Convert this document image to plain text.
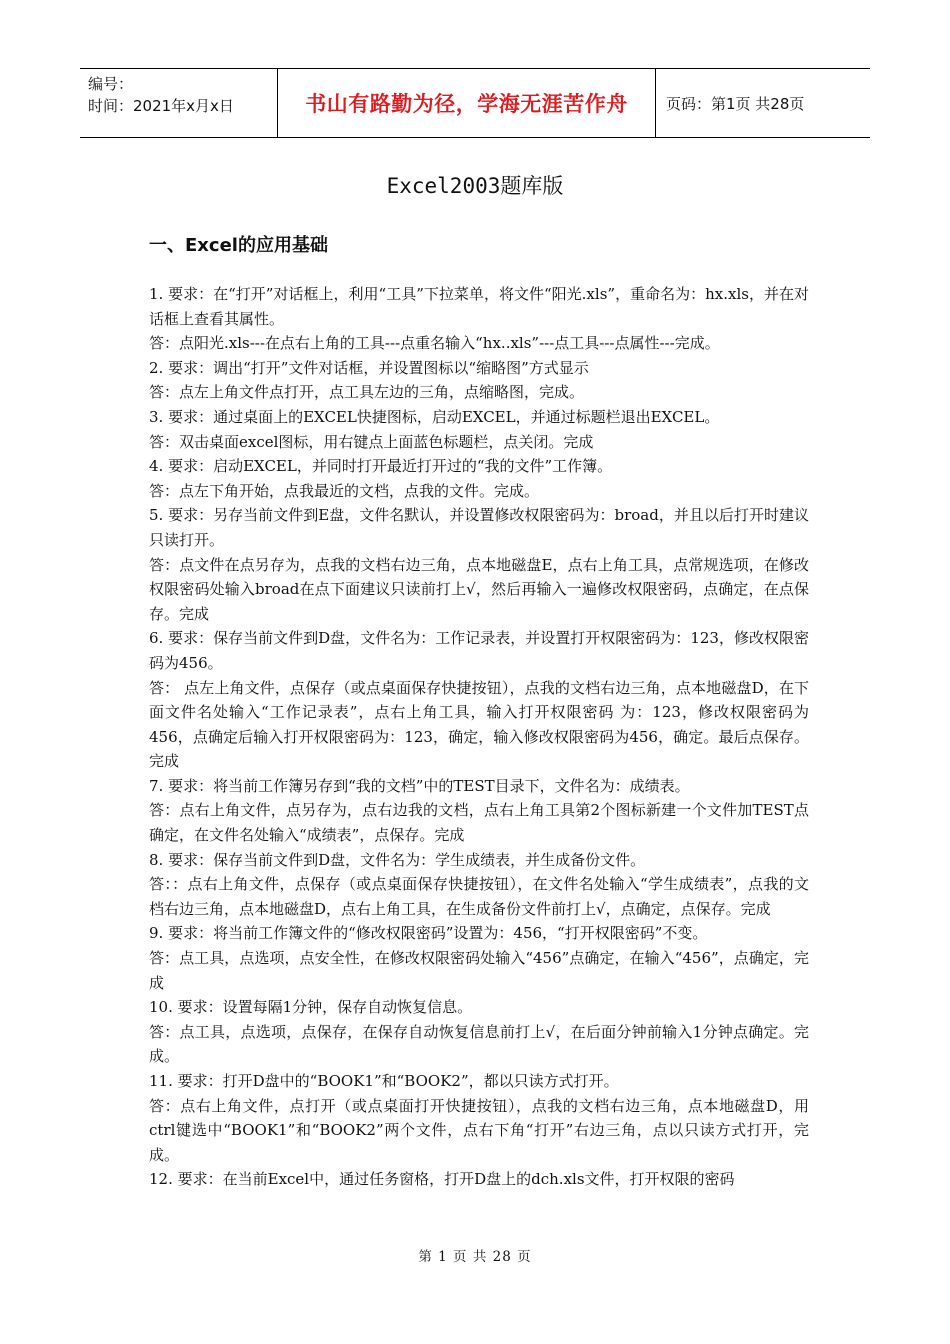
编号：
时间：2021年x月x日	书山有路勤为径，学海无涯苦作舟	页码：第1页 共28页
Excel2003题库版
一、Excel的应用基础

1. 要求：在“打开”对话框上，利用“工具”下拉菜单，将文件“阳光.xls”，重命名为：hx.xls，并在对话框上查看其属性。

答：点阳光.xls---在点右上角的工具---点重名输入“hx..xls”---点工具---点属性---完成。

2. 要求：调出“打开”文件对话框，并设置图标以“缩略图”方式显示

答：点左上角文件点打开，点工具左边的三角，点缩略图，完成。

3. 要求：通过桌面上的EXCEL快捷图标，启动EXCEL，并通过标题栏退出EXCEL。

答：双击桌面excel图标，用右键点上面蓝色标题栏，点关闭。完成

4. 要求：启动EXCEL，并同时打开最近打开过的“我的文件”工作簿。

答：点左下角开始，点我最近的文档，点我的文件。完成。

5. 要求：另存当前文件到E盘，文件名默认，并设置修改权限密码为：broad，并且以后打开时建议只读打开。

答：点文件在点另存为，点我的文档右边三角，点本地磁盘E，点右上角工具，点常规选项，在修改权限密码处输入broad在点下面建议只读前打上√，然后再输入一遍修改权限密码，点确定，在点保存。完成

6. 要求：保存当前文件到D盘，文件名为：工作记录表，并设置打开权限密码为：123，修改权限密码为456。

答： 点左上角文件，点保存（或点桌面保存快捷按钮），点我的文档右边三角，点本地磁盘D，在下面文件名处输入“工作记录表”，点右上角工具，输入打开权限密码 为：123，修改权限密码为456，点确定后输入打开权限密码为：123，确定，输入修改权限密码为456，确定。最后点保存。完成

7. 要求：将当前工作簿另存到“我的文档”中的TEST目录下，文件名为：成绩表。

答：点右上角文件，点另存为，点右边我的文档，点右上角工具第2个图标新建一个文件加TEST点确定，在文件名处输入“成绩表”，点保存。完成

8. 要求：保存当前文件到D盘，文件名为：学生成绩表，并生成备份文件。

答：：点右上角文件，点保存（或点桌面保存快捷按钮），在文件名处输入“学生成绩表”，点我的文档右边三角，点本地磁盘D，点右上角工具，在生成备份文件前打上√，点确定，点保存。完成

9. 要求：将当前工作簿文件的“修改权限密码”设置为：456，“打开权限密码”不变。

答：点工具，点选项，点安全性，在修改权限密码处输入“456”点确定，在输入“456”，点确定，完成

10. 要求：设置每隔1分钟，保存自动恢复信息。

答：点工具，点选项，点保存，在保存自动恢复信息前打上√，在后面分钟前输入1分钟点确定。完成。

11. 要求：打开D盘中的“BOOK1”和“BOOK2”，都以只读方式打开。

答：点右上角文件，点打开（或点桌面打开快捷按钮），点我的文档右边三角，点本地磁盘D，用ctrl键选中“BOOK1”和“BOOK2”两个文件，点右下角“打开”右边三角，点以只读方式打开，完成。

12. 要求：在当前Excel中，通过任务窗格，打开D盘上的dch.xls文件，打开权限的密码

第 1 页 共 28 页
